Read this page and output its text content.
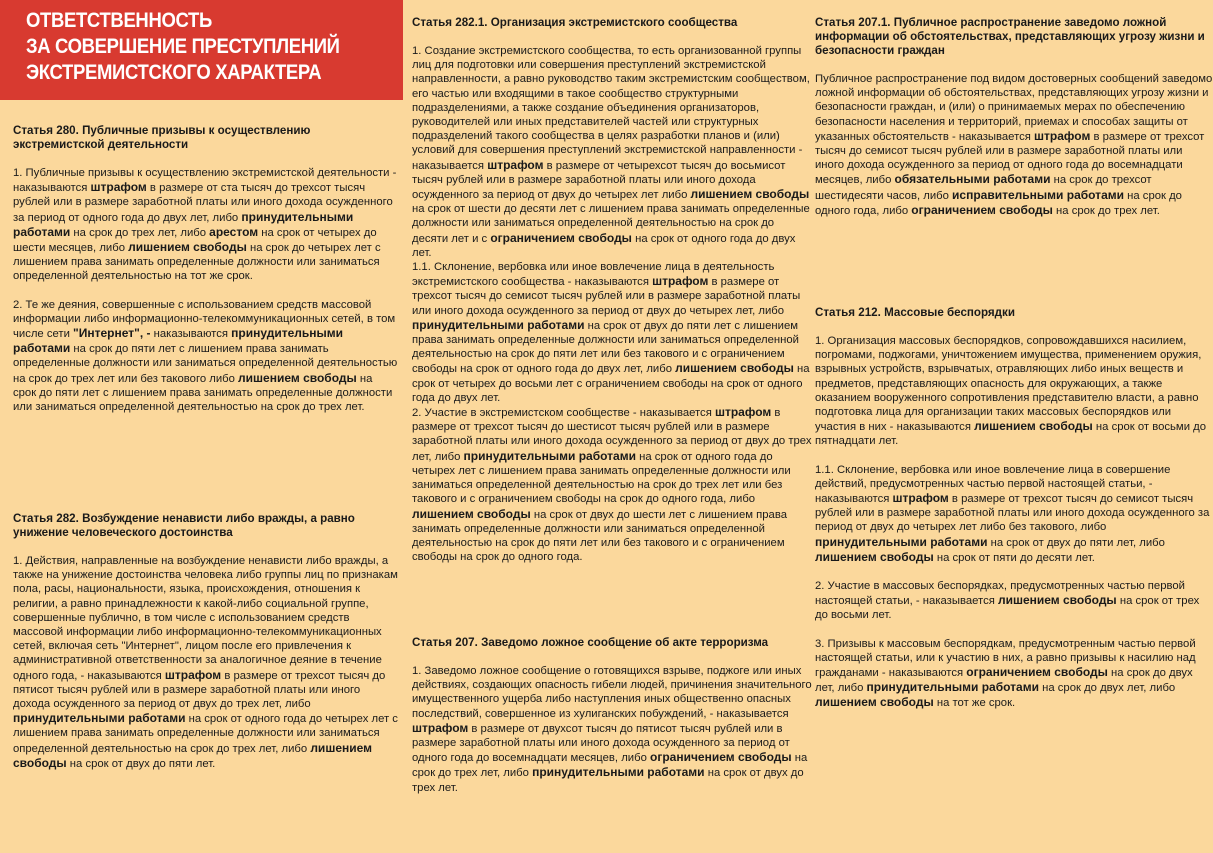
ОТВЕТСТВЕННОСТЬ
ЗА СОВЕРШЕНИЕ ПРЕСТУПЛЕНИЙ
ЭКСТРЕМИСТСКОГО ХАРАКТЕРА
Статья 280. Публичные призывы к осуществлению экстремистской деятельности

1. Публичные призывы к осуществлению экстремистской деятельности - наказываются штрафом в размере от ста тысяч до трехсот тысяч рублей или в размере заработной платы или иного дохода осужденного за период от одного года до двух лет, либо принудительными работами на срок до трех лет, либо арестом на срок от четырех до шести месяцев, либо лишением свободы на срок до четырех лет с лишением права занимать определенные должности или заниматься определенной деятельностью на тот же срок.

2. Те же деяния, совершенные с использованием средств массовой информации либо информационно-телекоммуникационных сетей, в том числе сети "Интернет", - наказываются принудительными работами на срок до пяти лет с лишением права занимать определенные должности или заниматься определенной деятельностью на срок до трех лет или без такового либо лишением свободы на срок до пяти лет с лишением права занимать определенные должности или заниматься определенной деятельностью на срок до трех лет.

Статья 282. Возбуждение ненависти либо вражды, а равно унижение человеческого достоинства

1. Действия, направленные на возбуждение ненависти либо вражды, а также на унижение достоинства человека либо группы лиц по признакам пола, расы, национальности, языка, происхождения, отношения к религии, а равно принадлежности к какой-либо социальной группе, совершенные публично, в том числе с использованием средств массовой информации либо информационно-телекоммуникационных сетей, включая сеть "Интернет", лицом после его привлечения к административной ответственности за аналогичное деяние в течение одного года, - наказываются штрафом в размере от трехсот тысяч до пятисот тысяч рублей или в размере заработной платы или иного дохода осужденного за период от двух до трех лет, либо принудительными работами на срок от одного года до четырех лет с лишением права занимать определенные должности или заниматься определенной деятельностью на срок до трех лет, либо лишением свободы на срок от двух до пяти лет.

Статья 282.1. Организация экстремистского сообщества

1. Создание экстремистского сообщества, то есть организованной группы лиц для подготовки или совершения преступлений экстремистской направленности, а равно руководство таким экстремистским сообществом, его частью или входящими в такое сообщество структурными подразделениями, а также создание объединения организаторов, руководителей или иных представителей частей или структурных подразделений такого сообщества в целях разработки планов и (или) условий для совершения преступлений экстремистской направленности - наказывается штрафом в размере от четырехсот тысяч до восьмисот тысяч рублей или в размере заработной платы или иного дохода осужденного за период от двух до четырех лет либо лишением свободы на срок от шести до десяти лет с лишением права занимать определенные должности или заниматься определенной деятельностью на срок до десяти лет и с ограничением свободы на срок от одного года до двух лет.

1.1. Склонение, вербовка или иное вовлечение лица в деятельность экстремистского сообщества - наказываются штрафом в размере от трехсот тысяч до семисот тысяч рублей или в размере заработной платы или иного дохода осужденного за период от двух до четырех лет, либо принудительными работами на срок от двух до пяти лет с лишением права занимать определенные должности или заниматься определенной деятельностью на срок до пяти лет или без такового и с ограничением свободы на срок от одного года до двух лет, либо лишением свободы на срок от четырех до восьми лет с ограничением свободы на срок от одного года до двух лет.

2. Участие в экстремистском сообществе - наказывается штрафом в размере от трехсот тысяч до шестисот тысяч рублей или в размере заработной платы или иного дохода осужденного за период от двух до трех лет, либо принудительными работами на срок от одного года до четырех лет с лишением права занимать определенные должности или заниматься определенной деятельностью на срок до трех лет или без такового и с ограничением свободы на срок до одного года, либо лишением свободы на срок от двух до шести лет с лишением права занимать определенные должности или заниматься определенной деятельностью на срок до пяти лет или без такового и с ограничением свободы на срок до одного года.

Статья 207. Заведомо ложное сообщение об акте терроризма

1. Заведомо ложное сообщение о готовящихся взрыве, поджоге или иных действиях, создающих опасность гибели людей, причинения значительного имущественного ущерба либо наступления иных общественно опасных последствий, совершенное из хулиганских побуждений, - наказывается штрафом в размере от двухсот тысяч до пятисот тысяч рублей или в размере заработной платы или иного дохода осужденного за период от одного года до восемнадцати месяцев, либо ограничением свободы на срок до трех лет, либо принудительными работами на срок от двух до трех лет.

Статья 207.1. Публичное распространение заведомо ложной информации об обстоятельствах, представляющих угрозу жизни и безопасности граждан

Публичное распространение под видом достоверных сообщений заведомо ложной информации об обстоятельствах, представляющих угрозу жизни и безопасности граждан, и (или) о принимаемых мерах по обеспечению безопасности населения и территорий, приемах и способах защиты от указанных обстоятельств - наказывается штрафом в размере от трехсот тысяч до семисот тысяч рублей или в размере заработной платы или иного дохода осужденного за период от одного года до восемнадцати месяцев, либо обязательными работами на срок до трехсот шестидесяти часов, либо исправительными работами на срок до одного года, либо ограничением свободы на срок до трех лет.

Статья 212. Массовые беспорядки

1. Организация массовых беспорядков, сопровождавшихся насилием, погромами, поджогами, уничтожением имущества, применением оружия, взрывных устройств, взрывчатых, отравляющих либо иных веществ и предметов, представляющих опасность для окружающих, а также оказанием вооруженного сопротивления представителю власти, а равно подготовка лица для организации таких массовых беспорядков или участия в них - наказываются лишением свободы на срок от восьми до пятнадцати лет.

1.1. Склонение, вербовка или иное вовлечение лица в совершение действий, предусмотренных частью первой настоящей статьи, - наказываются штрафом в размере от трехсот тысяч до семисот тысяч рублей или в размере заработной платы или иного дохода осужденного за период от двух до четырех лет либо без такового, либо принудительными работами на срок от двух до пяти лет, либо лишением свободы на срок от пяти до десяти лет.

2. Участие в массовых беспорядках, предусмотренных частью первой настоящей статьи, - наказывается лишением свободы на срок от трех до восьми лет.

3. Призывы к массовым беспорядкам, предусмотренным частью первой настоящей статьи, или к участию в них, а равно призывы к насилию над гражданами - наказываются ограничением свободы на срок до двух лет, либо принудительными работами на срок до двух лет, либо лишением свободы на тот же срок.
